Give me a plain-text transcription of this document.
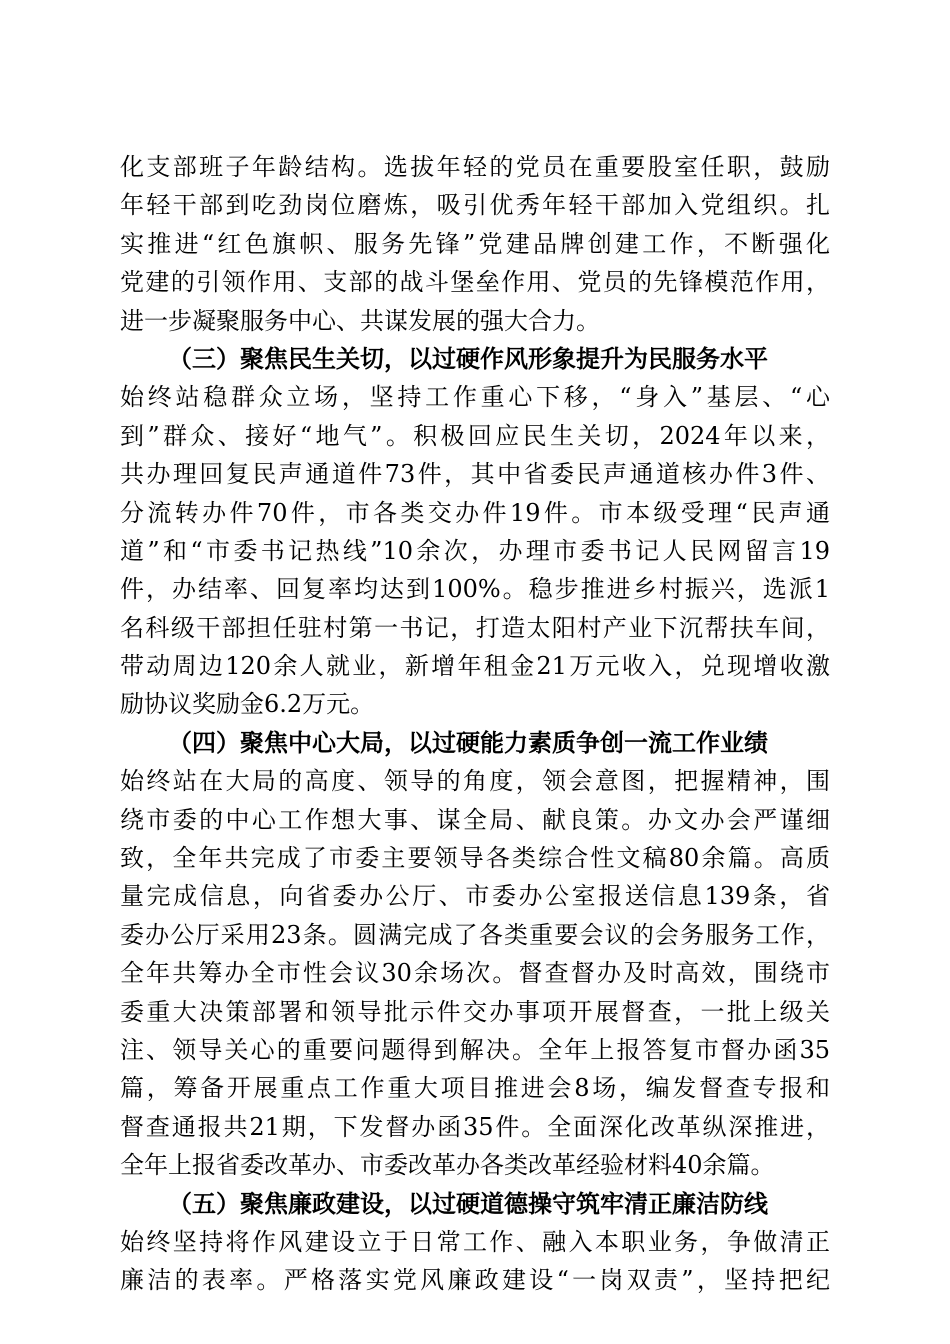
化支部班子年龄结构。选拔年轻的党员在重要股室任职，鼓励
年轻干部到吃劲岗位磨炼，吸引优秀年轻干部加入党组织。扎
实推进“红色旗帜、服务先锋”党建品牌创建工作，不断强化
党建的引领作用、支部的战斗堡垒作用、党员的先锋模范作用，
进一步凝聚服务中心、共谋发展的强大合力。
（三）聚焦民生关切，以过硬作风形象提升为民服务水平
始终站稳群众立场，坚持工作重心下移，“身入”基层、“心
到”群众、接好“地气”。积极回应民生关切，2024年以来，
共办理回复民声通道件73件，其中省委民声通道核办件3件、
分流转办件70件，市各类交办件19件。市本级受理“民声通
道”和“市委书记热线”10余次，办理市委书记人民网留言19
件，办结率、回复率均达到100%。稳步推进乡村振兴，选派1
名科级干部担任驻村第一书记，打造太阳村产业下沉帮扶车间，
带动周边120余人就业，新增年租金21万元收入，兑现增收激
励协议奖励金6.2万元。
（四）聚焦中心大局，以过硬能力素质争创一流工作业绩
始终站在大局的高度、领导的角度，领会意图，把握精神，围
绕市委的中心工作想大事、谋全局、献良策。办文办会严谨细
致，全年共完成了市委主要领导各类综合性文稿80余篇。高质
量完成信息，向省委办公厅、市委办公室报送信息139条，省
委办公厅采用23条。圆满完成了各类重要会议的会务服务工作，
全年共筹办全市性会议30余场次。督查督办及时高效，围绕市
委重大决策部署和领导批示件交办事项开展督查，一批上级关
注、领导关心的重要问题得到解决。全年上报答复市督办函35
篇，筹备开展重点工作重大项目推进会8场，编发督查专报和
督查通报共21期，下发督办函35件。全面深化改革纵深推进，
全年上报省委改革办、市委改革办各类改革经验材料40余篇。
（五）聚焦廉政建设，以过硬道德操守筑牢清正廉洁防线
始终坚持将作风建设立于日常工作、融入本职业务，争做清正
廉洁的表率。严格落实党风廉政建设“一岗双责”，坚持把纪
